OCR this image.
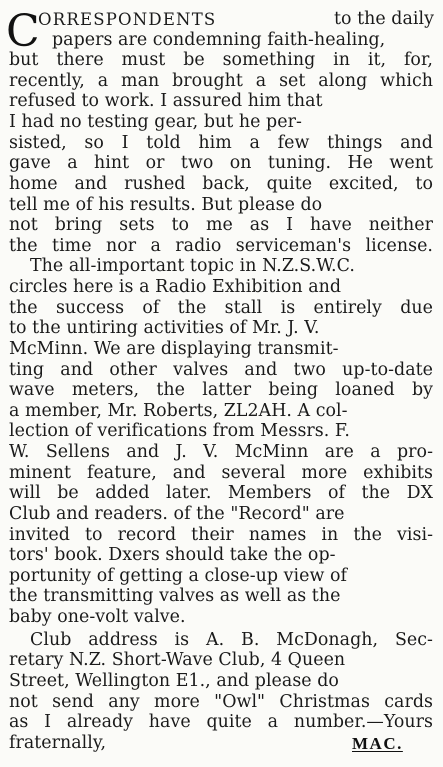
C
ORRESPONDENTS	to the daily
papers are condemning faith-healing,
but there must be something in it, for,
recently, a man brought a set along which
refused to work. I assured him that
I had no testing gear, but he per-
sisted, so I told him a few things and
gave a hint or two on tuning. He went
home and rushed back, quite excited, to
tell me of his results. But please do
not bring sets to me as I have neither
the time nor a radio serviceman's license.
The all-important topic in N.Z.S.W.C.
circles here is a Radio Exhibition and
the success of the stall is entirely due
to the untiring activities of Mr. J. V.
McMinn. We are displaying transmit-
ting and other valves and two up-to-date
wave meters, the latter being loaned by
a member, Mr. Roberts, ZL2AH. A col-
lection of verifications from Messrs. F.
W. Sellens and J. V. McMinn are a pro-
minent feature, and several more exhibits
will be added later. Members of the DX
Club and readers. of the "Record" are
invited to record their names in the visi-
tors' book. Dxers should take the op-
portunity of getting a close-up view of
the transmitting valves as well as the
baby one-volt valve.
Club address is A. B. McDonagh, Sec-
retary N.Z. Short-Wave Club, 4 Queen
Street, Wellington E1., and please do
not send any more "Owl" Christmas cards
as I already have quite a number.—Yours
fraternally,	MAC.
